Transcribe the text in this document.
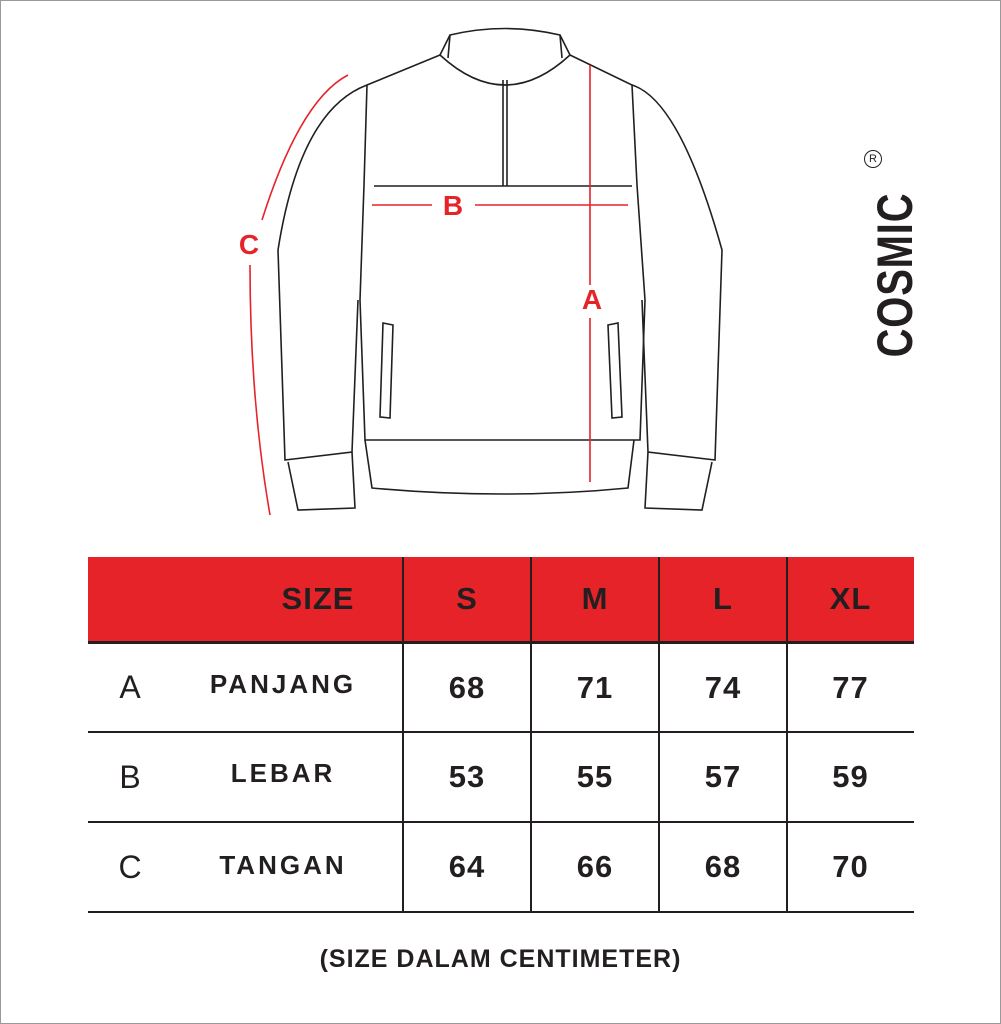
A
B
C	COSMIC
R
SIZE	S	M	L	XL
A	PANJANG	68	71	74	77
B	LEBAR	53	55	57	59
C	TANGAN	64	66	68	70
(SIZE DALAM CENTIMETER)
